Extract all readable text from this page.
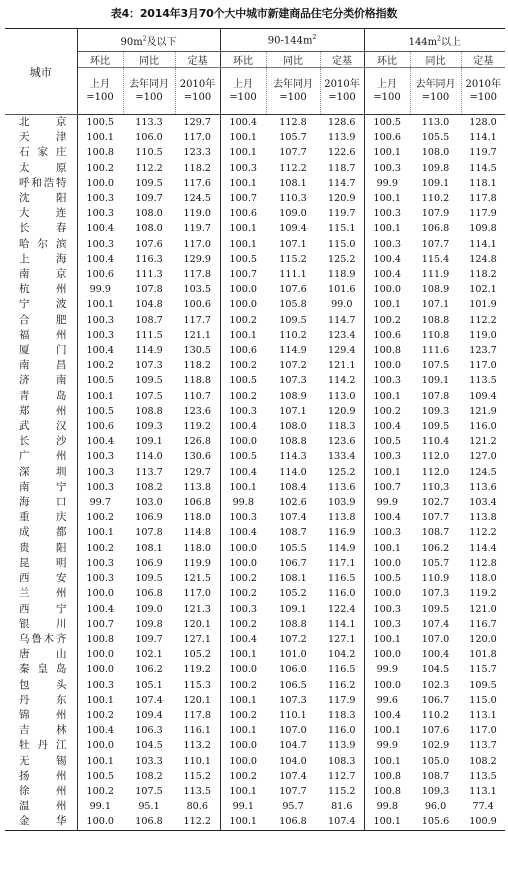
表4：2014年3月70个大中城市新建商品住宅分类价格指数
城市	$90m^2$及以下			$90-144m^2$			$144m^2$以上		
	环比	同比	定基	环比	同比	定基	环比	同比	定基
	上月=100	去年同月=100	2010年=100	上月=100	去年同月=100	2010年=100	上月=100	去年同月=100	2010年=100
北 京	100.5	113.3	129.7	100.4	112.8	128.6	100.5	113.0	128.0
天 津	100.1	106.0	117.0	100.1	105.7	113.9	100.6	105.5	114.1
石家庄	100.8	110.5	123.3	100.1	107.7	122.6	100.1	108.0	119.7
太 原	100.2	112.2	118.2	100.3	112.2	118.7	100.3	109.8	114.5
呼和浩特	100.0	109.5	117.6	100.1	108.1	114.7	99.9	109.1	118.1
沈 阳	100.3	109.7	124.5	100.7	110.3	120.9	100.1	110.2	117.8
大 连	100.3	108.0	119.0	100.6	109.0	119.7	100.3	107.9	117.9
长 春	100.4	108.0	119.7	100.1	109.4	115.1	100.1	106.8	109.8
哈尔滨	100.3	107.6	117.0	100.1	107.1	115.0	100.3	107.7	114.1
上 海	100.4	116.3	129.9	100.5	115.2	125.2	100.4	115.4	124.8
南 京	100.6	111.3	117.8	100.7	111.1	118.9	100.4	111.9	118.2
杭 州	99.9	107.8	103.5	100.0	107.6	101.6	100.0	108.9	102.1
宁 波	100.1	104.8	100.6	100.0	105.8	99.0	100.1	107.1	101.9
合 肥	100.3	108.7	117.7	100.2	109.5	114.7	100.2	108.8	112.2
福 州	100.3	111.5	121.1	100.1	110.2	123.4	100.6	110.8	119.0
厦 门	100.4	114.9	130.5	100.6	114.9	129.4	100.8	111.6	123.7
南 昌	100.2	107.3	118.2	100.2	107.2	121.1	100.0	107.5	117.0
济 南	100.5	109.5	118.8	100.5	107.3	114.2	100.3	109.1	113.5
青 岛	100.1	107.5	110.7	100.2	108.9	113.0	100.1	107.8	109.4
郑 州	100.5	108.8	123.6	100.3	107.1	120.9	100.2	109.3	121.9
武 汉	100.6	109.3	119.2	100.4	108.0	118.3	100.4	109.5	116.0
长 沙	100.4	109.1	126.8	100.0	108.8	123.6	100.5	110.4	121.2
广 州	100.3	114.0	130.6	100.5	114.3	133.4	100.3	112.0	127.0
深 圳	100.3	113.7	129.7	100.4	114.0	125.2	100.1	112.0	124.5
南 宁	100.3	108.2	113.8	100.1	108.4	113.6	100.7	110.3	113.6
海 口	99.7	103.0	106.8	99.8	102.6	103.9	99.9	102.7	103.4
重 庆	100.2	106.9	118.0	100.3	107.4	113.8	100.4	107.7	113.8
成 都	100.1	107.8	114.8	100.4	108.7	116.9	100.3	108.7	112.2
贵 阳	100.2	108.1	118.0	100.0	105.5	114.9	100.1	106.2	114.4
昆 明	100.3	106.9	119.9	100.0	106.7	117.1	100.0	105.7	112.8
西 安	100.3	109.5	121.5	100.2	108.1	116.5	100.5	110.9	118.0
兰 州	100.0	106.8	117.0	100.2	105.2	116.0	100.0	107.3	119.2
西 宁	100.4	109.0	121.3	100.3	109.1	122.4	100.3	109.5	121.0
银 川	100.7	109.8	120.1	100.2	108.8	114.1	100.3	107.4	116.7
乌鲁木齐	100.8	109.7	127.1	100.4	107.2	127.1	100.1	107.0	120.0
唐 山	100.0	102.1	105.2	100.1	101.0	104.2	100.0	100.4	101.8
秦皇岛	100.0	106.2	119.2	100.0	106.0	116.5	99.9	104.5	115.7
包 头	100.3	105.1	115.3	100.2	106.5	116.2	100.0	102.3	109.5
丹 东	100.1	107.4	120.1	100.1	107.3	117.9	99.6	106.7	115.0
锦 州	100.2	109.4	117.8	100.2	110.1	118.3	100.4	110.2	113.1
吉 林	100.4	106.3	116.1	100.1	107.0	116.0	100.1	107.6	117.0
牡丹江	100.0	104.5	113.2	100.0	104.7	113.9	99.9	102.9	113.7
无 锡	100.1	103.3	110.1	100.0	104.0	108.3	100.1	105.0	108.2
扬 州	100.5	108.2	115.2	100.2	107.4	112.7	100.8	108.7	113.5
徐 州	100.2	107.5	113.5	100.1	107.7	115.2	100.8	109.3	113.1
温 州	99.1	95.1	80.6	99.1	95.7	81.6	99.8	96.0	77.4
金 华	100.0	106.8	112.2	100.1	106.8	107.4	100.1	105.6	100.9
